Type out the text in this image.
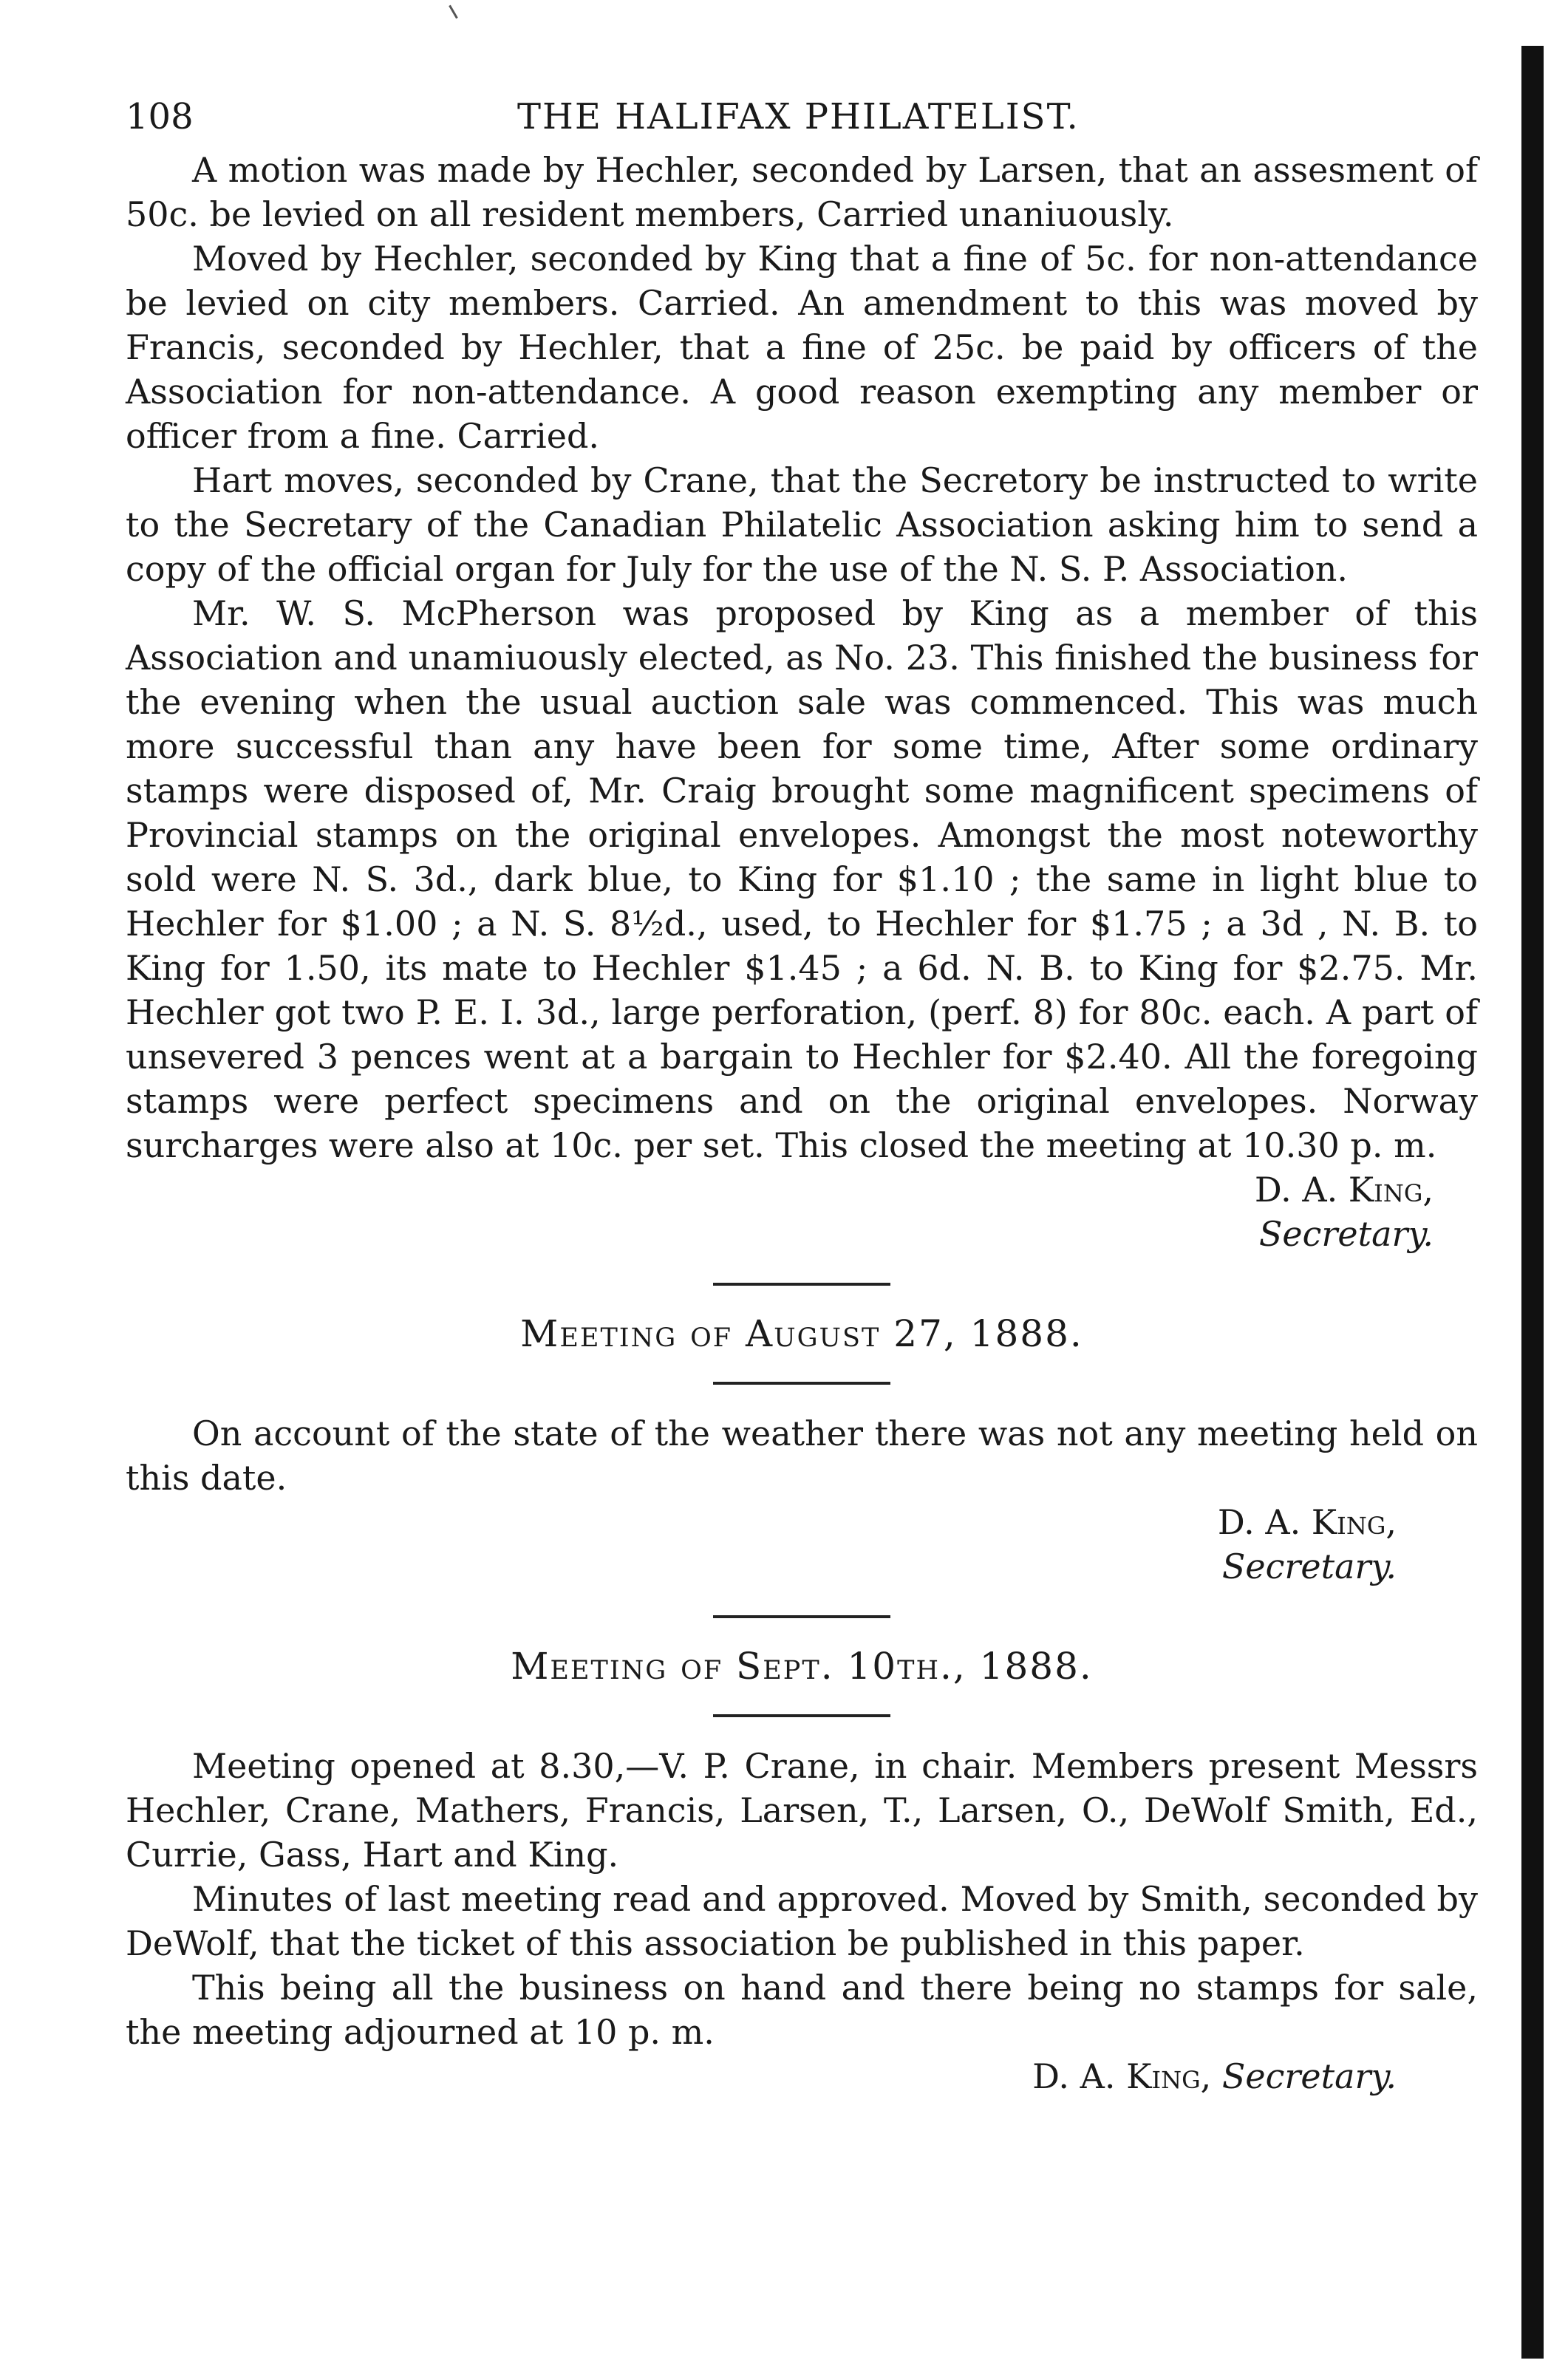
108	THE HALIFAX PHILATELIST.

A motion was made by Hechler, seconded by Larsen, that an assesment of 50c. be levied on all resident members, Carried unaniuously.

Moved by Hechler, seconded by King that a fine of 5c. for non-attendance be levied on city members. Carried. An amendment to this was moved by Francis, seconded by Hechler, that a fine of 25c. be paid by officers of the Association for non-attendance. A good reason exempting any member or officer from a fine. Carried.

Hart moves, seconded by Crane, that the Secretory be instructed to write to the Secretary of the Canadian Philatelic Association asking him to send a copy of the official organ for July for the use of the N. S. P. Association.

Mr. W. S. McPherson was proposed by King as a member of this Association and unamiuously elected, as No. 23. This finished the business for the evening when the usual auction sale was commenced. This was much more successful than any have been for some time, After some ordinary stamps were disposed of, Mr. Craig brought some magnificent specimens of Provincial stamps on the original envelopes. Amongst the most noteworthy sold were N. S. 3d., dark blue, to King for $1.10 ; the same in light blue to Hechler for $1.00 ; a N. S. 8½d., used, to Hechler for $1.75 ; a 3d , N. B. to King for 1.50, its mate to Hechler $1.45 ; a 6d. N. B. to King for $2.75. Mr. Hechler got two P. E. I. 3d., large perforation, (perf. 8) for 80c. each. A part of unsevered 3 pences went at a bargain to Hechler for $2.40. All the foregoing stamps were perfect specimens and on the original envelopes. Norway surcharges were also at 10c. per set. This closed the meeting at 10.30 p. m.

D. A. King,
Secretary.
Meeting of August 27, 1888.

On account of the state of the weather there was not any meeting held on this date.

D. A. King,
Secretary.
Meeting of Sept. 10th., 1888.

Meeting opened at 8.30,—V. P. Crane, in chair. Members present Messrs Hechler, Crane, Mathers, Francis, Larsen, T., Larsen, O., DeWolf Smith, Ed., Currie, Gass, Hart and King.

Minutes of last meeting read and approved. Moved by Smith, seconded by DeWolf, that the ticket of this association be published in this paper.

This being all the business on hand and there being no stamps for sale, the meeting adjourned at 10 p. m.

D. A. King, Secretary.
